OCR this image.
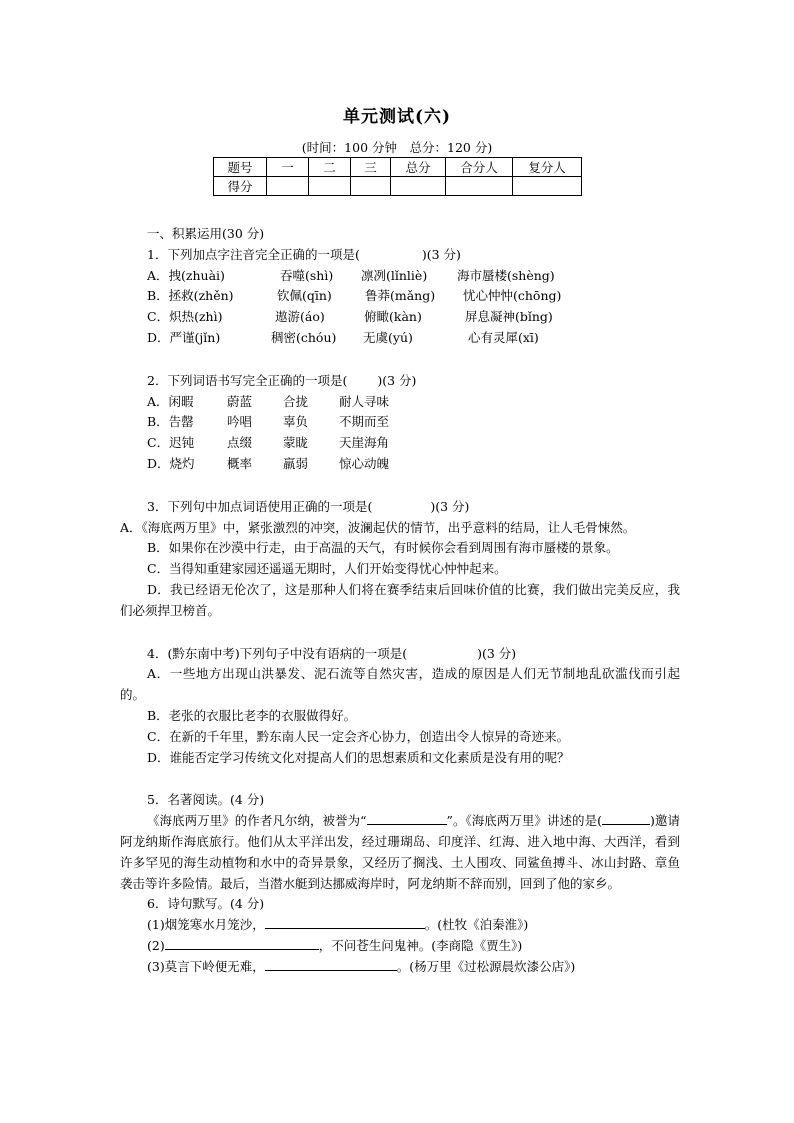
单元测试(六)
(时间：100 分钟　总分：120 分)
题号	一	二	三	总分	合分人	复分人
得分						
一、积累运用(30 分)
1．下列加点字注音完全正确的一项是(	)(3 分)
A．拽(zhuài)	吞噬(shì) 凛冽(lǐnliè) 海市蜃楼(shèng)
B．拯救(zhěn)	钦佩(qīn)	鲁莽(mǎng) 忧心忡忡(chōng)
C．炽热(zhì)	遨游(áo)	俯瞰(kàn)	屏息凝神(bǐng)
D．严谨(jǐn)	稠密(chóu) 无虞(yú)	心有灵犀(xī)
2．下列词语书写完全正确的一项是( )(3 分)
A．闲暇	蔚蓝 合拢 耐人寻味
B．告罄	吟唱 辜负 不期而至
C．迟钝	点缀 蒙眬 天崖海角
D．烧灼	概率 羸弱 惊心动魄
3．下列句中加点词语使用正确的一项是(	)(3 分)
A．《海底两万里》中，紧张激烈的冲突，波澜起伏的情节，出乎意料的结局，让人毛骨悚然。
B．如果你在沙漠中行走，由于高温的天气，有时候你会看到周围有海市蜃楼的景象。
C．当得知重建家园还遥遥无期时，人们开始变得忧心忡忡起来。
D．我已经语无伦次了，这是那种人们将在赛季结束后回味价值的比赛，我们做出完美反应，我们必须捍卫榜首。
4．(黔东南中考)下列句子中没有语病的一项是(	)(3 分)
A．一些地方出现山洪暴发、泥石流等自然灾害，造成的原因是人们无节制地乱砍滥伐而引起的。
B．老张的衣服比老李的衣服做得好。
C．在新的千年里，黔东南人民一定会齐心协力，创造出令人惊异的奇迹来。
D．谁能否定学习传统文化对提高人们的思想素质和文化素质是没有用的呢？
5．名著阅读。(4 分)
《海底两万里》的作者凡尔纳，被誉为“	”。《海底两万里》讲述的是(	)邀请阿龙纳斯作海底旅行。他们从太平洋出发，经过珊瑚岛、印度洋、红海、进入地中海、大西洋，看到许多罕见的海生动植物和水中的奇异景象，又经历了搁浅、土人围攻、同鲨鱼搏斗、冰山封路、章鱼袭击等许多险情。最后，当潜水艇到达挪威海岸时，阿龙纳斯不辞而别，回到了他的家乡。
6．诗句默写。(4 分)
(1)烟笼寒水月笼沙，	。(杜牧《泊秦淮》)
(2)	，不问苍生问鬼神。(李商隐《贾生》)
(3)莫言下岭便无难，	。(杨万里《过松源晨炊漆公店》)
